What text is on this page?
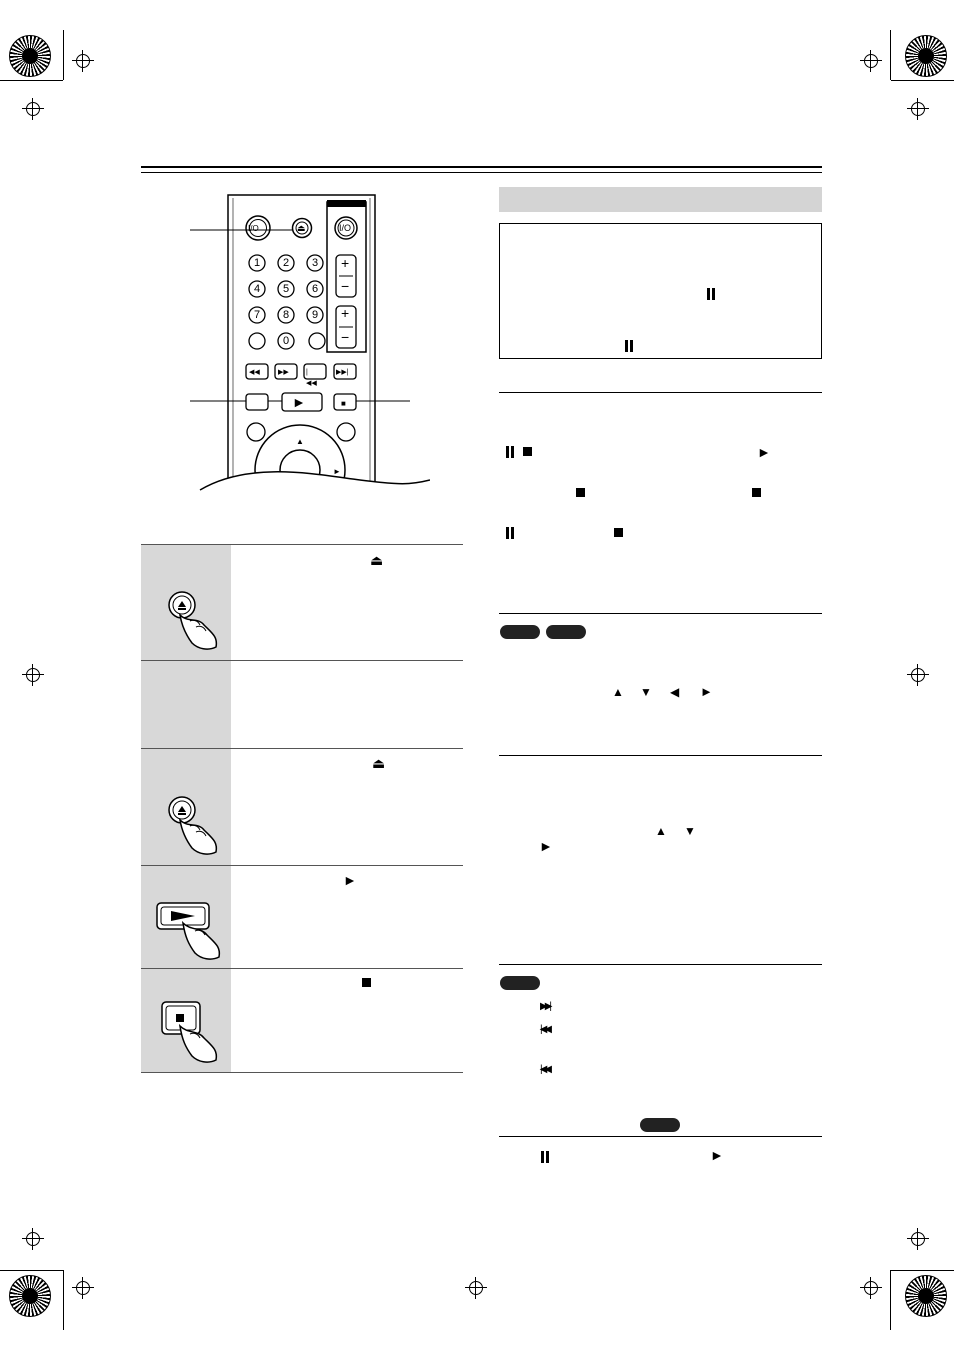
I/O	⏏	I/O
1 2 3
4 5 6
7 8 9
0
+
−
+
−
◀◀	▶▶ |◀◀
▶▶|
►	■
▲
►
⏏
⏏
►
►
▲ ▼ ◀ ►
▲ ▼
►
▶▶|
|◀◀
|◀◀
►
